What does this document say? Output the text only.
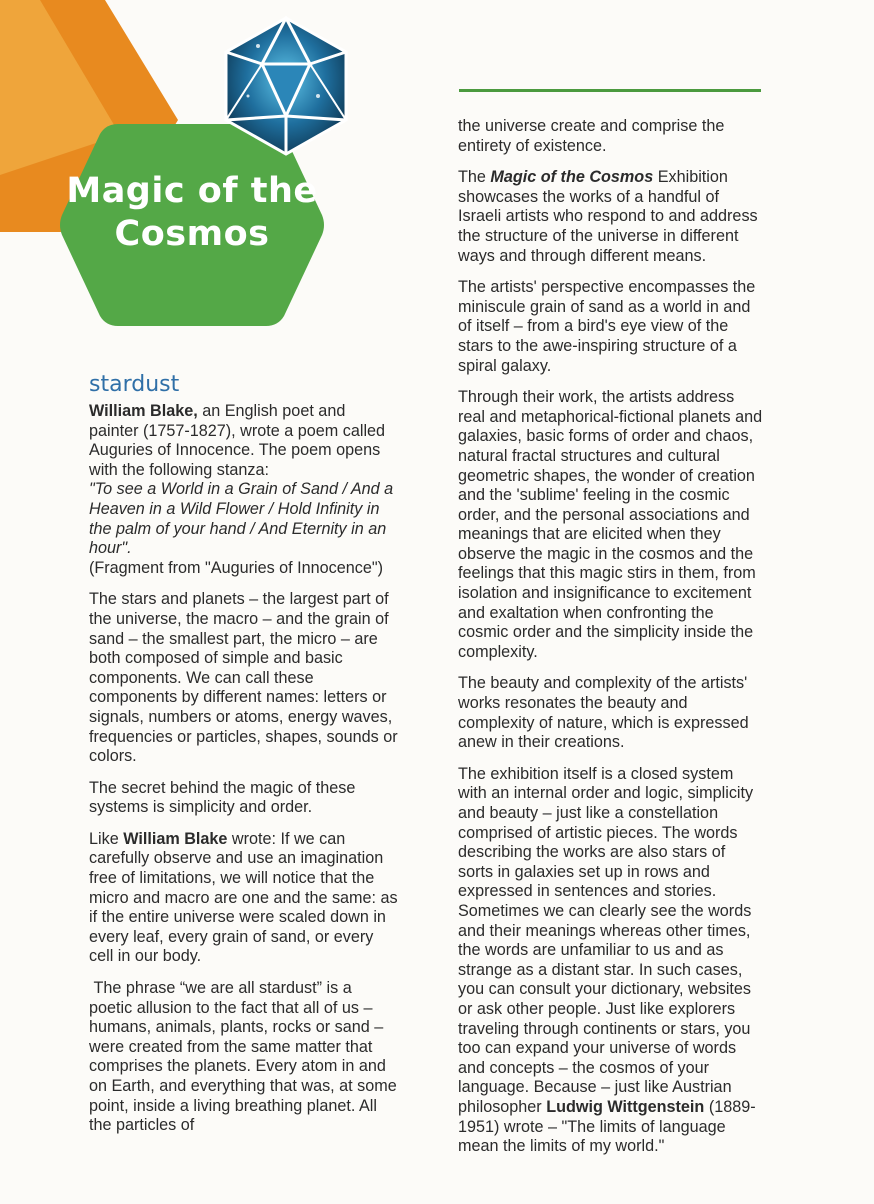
Magic of the
Cosmos
stardust

William Blake, an English poet and painter (1757-1827), wrote a poem called Auguries of Innocence. The poem opens with the following stanza:
"To see a World in a Grain of Sand / And a Heaven in a Wild Flower / Hold Infinity in the palm of your hand / And Eternity in an hour".
(Fragment from "Auguries of Innocence")

The stars and planets – the largest part of the universe, the macro – and the grain of sand – the smallest part, the micro – are both composed of simple and basic components. We can call these components by different names: letters or signals, numbers or atoms, energy waves, frequencies or particles, shapes, sounds or colors.

The secret behind the magic of these systems is simplicity and order.

Like William Blake wrote: If we can carefully observe and use an imagination free of limitations, we will notice that the micro and macro are one and the same: as if the entire universe were scaled down in every leaf, every grain of sand, or every cell in our body.

The phrase “we are all stardust” is a poetic allusion to the fact that all of us – humans, animals, plants, rocks or sand – were created from the same matter that comprises the planets. Every atom in and on Earth, and everything that was, at some point, inside a living breathing planet. All the particles of

the universe create and comprise the entirety of existence.

The Magic of the Cosmos Exhibition showcases the works of a handful of Israeli artists who respond to and address the structure of the universe in different ways and through different means.

The artists' perspective encompasses the miniscule grain of sand as a world in and of itself – from a bird's eye view of the stars to the awe-inspiring structure of a spiral galaxy.

Through their work, the artists address real and metaphorical-fictional planets and galaxies, basic forms of order and chaos, natural fractal structures and cultural geometric shapes, the wonder of creation and the 'sublime' feeling in the cosmic order, and the personal associations and meanings that are elicited when they observe the magic in the cosmos and the feelings that this magic stirs in them, from isolation and insignificance to excitement and exaltation when confronting the cosmic order and the simplicity inside the complexity.

The beauty and complexity of the artists' works resonates the beauty and complexity of nature, which is expressed anew in their creations.

The exhibition itself is a closed system with an internal order and logic, simplicity and beauty – just like a constellation comprised of artistic pieces. The words describing the works are also stars of sorts in galaxies set up in rows and expressed in sentences and stories. Sometimes we can clearly see the words and their meanings whereas other times, the words are unfamiliar to us and as strange as a distant star. In such cases, you can consult your dictionary, websites or ask other people. Just like explorers traveling through continents or stars, you too can expand your universe of words and concepts – the cosmos of your language. Because – just like Austrian philosopher Ludwig Wittgenstein (1889-1951) wrote – "The limits of language mean the limits of my world."
